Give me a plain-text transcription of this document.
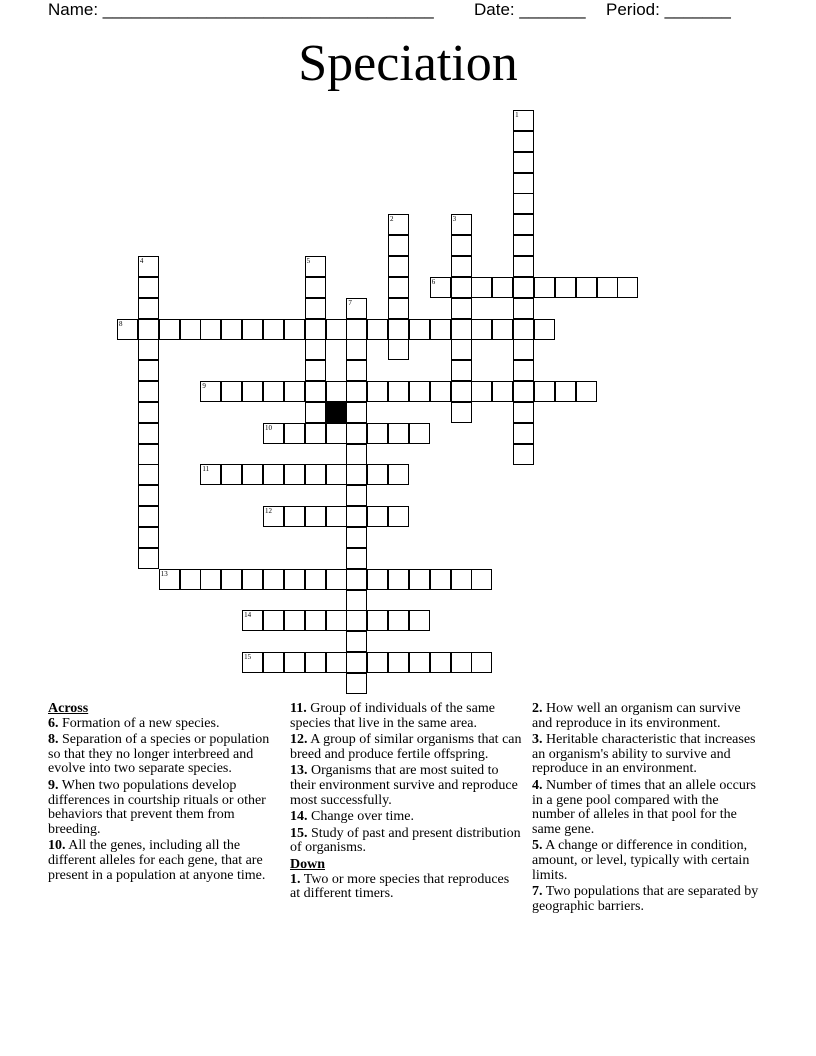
Name: ___________________________________ Date: _______ Period: _______
Speciation
1
2	3
4	5
6
7
8
9
10
11
12
13
14
15
Across
6. Formation of a new species.
8. Separation of a species or population so that they no longer interbreed and evolve into two separate species.
9. When two populations develop differences in courtship rituals or other behaviors that prevent them from breeding.
10. All the genes, including all the different alleles for each gene, that are present in a population at anyone time.
11. Group of individuals of the same species that live in the same area.
12. A group of similar organisms that can breed and produce fertile offspring.
13. Organisms that are most suited to their environment survive and reproduce most successfully.
14. Change over time.
15. Study of past and present distribution of organisms.
Down
1. Two or more species that reproduces at different timers.
2. How well an organism can survive and reproduce in its environment.
3. Heritable characteristic that increases an organism's ability to survive and reproduce in an environment.
4. Number of times that an allele occurs in a gene pool compared with the number of alleles in that pool for the same gene.
5. A change or difference in condition, amount, or level, typically with certain limits.
7. Two populations that are separated by geographic barriers.
